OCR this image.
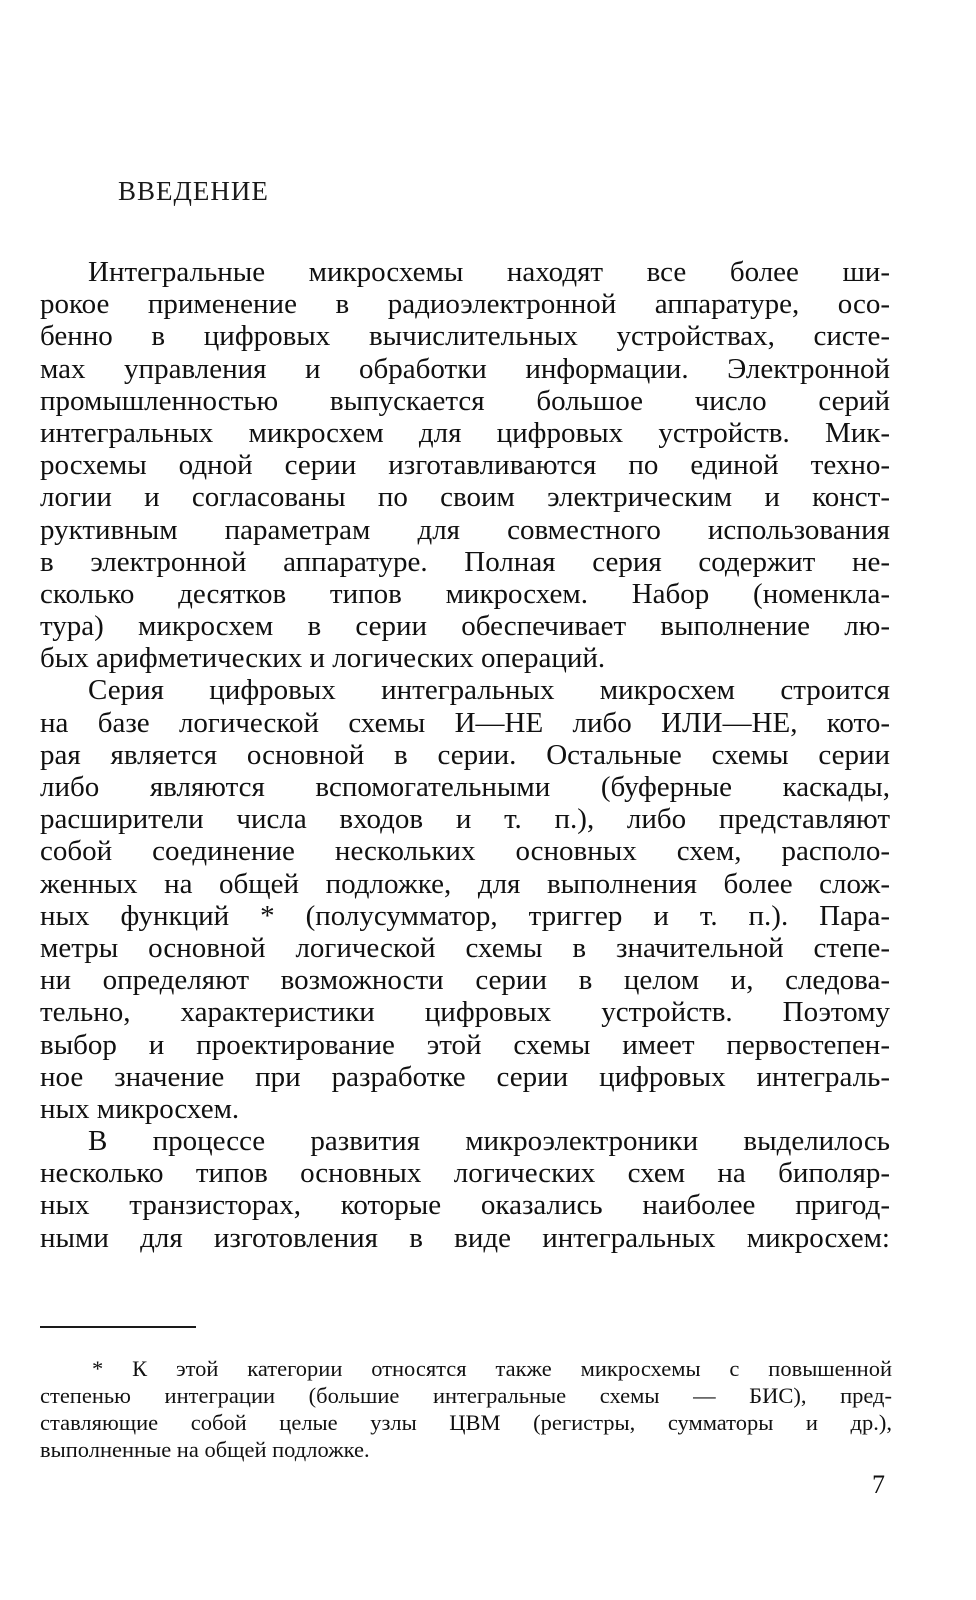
ВВЕДЕНИЕ
Интегральные микросхемы находят все более ши-
рокое применение в радиоэлектронной аппаратуре, осо-
бенно в цифровых вычислительных устройствах, систе-
мах управления и обработки информации. Электронной
промышленностью выпускается большое число серий
интегральных микросхем для цифровых устройств. Мик-
росхемы одной серии изготавливаются по единой техно-
логии и согласованы по своим электрическим и конст-
руктивным параметрам для совместного использования
в электронной аппаратуре. Полная серия содержит не-
сколько десятков типов микросхем. Набор (номенкла-
тура) микросхем в серии обеспечивает выполнение лю-
бых арифметических и логических операций.
Серия цифровых интегральных микросхем строится
на базе логической схемы И—НЕ либо ИЛИ—НЕ, кото-
рая является основной в серии. Остальные схемы серии
либо являются вспомогательными (буферные каскады,
расширители числа входов и т. п.), либо представляют
собой соединение нескольких основных схем, располо-
женных на общей подложке, для выполнения более слож-
ных функций * (полусумматор, триггер и т. п.). Пара-
метры основной логической схемы в значительной степе-
ни определяют возможности серии в целом и, следова-
тельно, характеристики цифровых устройств. Поэтому
выбор и проектирование этой схемы имеет первостепен-
ное значение при разработке серии цифровых интеграль-
ных микросхем.
В процессе развития микроэлектроники выделилось
несколько типов основных логических схем на биполяр-
ных транзисторах, которые оказались наиболее пригод-
ными для изготовления в виде интегральных микросхем:
* К этой категории относятся также микросхемы с повышенной
степенью интеграции (большие интегральные схемы — БИС), пред-
ставляющие собой целые узлы ЦВМ (регистры, сумматоры и др.),
выполненные на общей подложке.
7
